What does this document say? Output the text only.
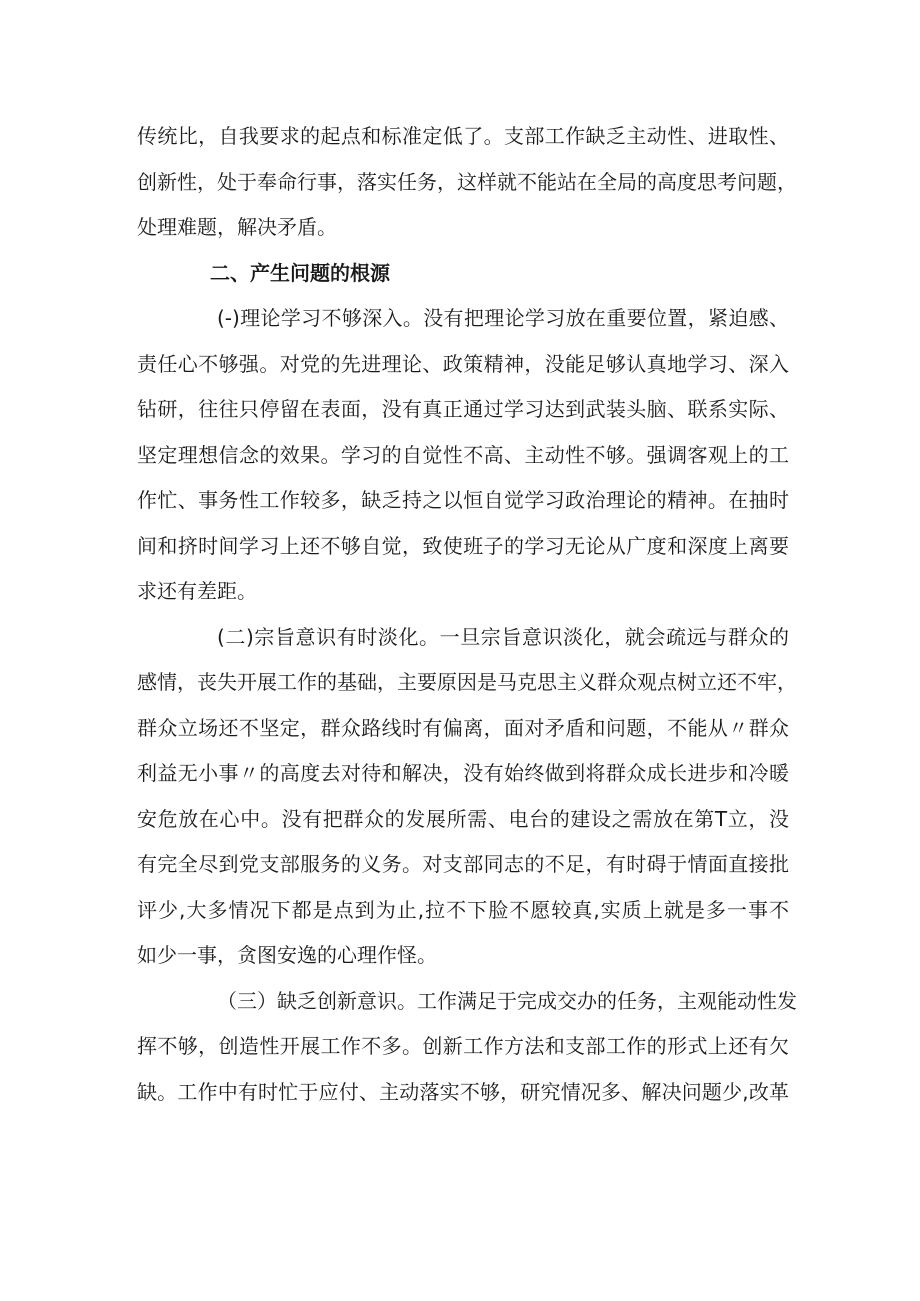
传统比，自我要求的起点和标准定低了。支部工作缺乏主动性、进取性、
创新性，处于奉命行事，落实任务，这样就不能站在全局的高度思考问题，
处理难题，解决矛盾。
二、产生问题的根源
(-)理论学习不够深入。没有把理论学习放在重要位置，紧迫感、
责任心不够强。对党的先进理论、政策精神，没能足够认真地学习、深入
钻研，往往只停留在表面，没有真正通过学习达到武装头脑、联系实际、
坚定理想信念的效果。学习的自觉性不高、主动性不够。强调客观上的工
作忙、事务性工作较多，缺乏持之以恒自觉学习政治理论的精神。在抽时
间和挤时间学习上还不够自觉，致使班子的学习无论从广度和深度上离要
求还有差距。
(二)宗旨意识有时淡化。一旦宗旨意识淡化，就会疏远与群众的
感情，丧失开展工作的基础，主要原因是马克思主义群众观点树立还不牢，
群众立场还不坚定，群众路线时有偏离，面对矛盾和问题，不能从〃群众
利益无小事〃的高度去对待和解决，没有始终做到将群众成长进步和冷暖
安危放在心中。没有把群众的发展所需、电台的建设之需放在第T立，没
有完全尽到党支部服务的义务。对支部同志的不足，有时碍于情面直接批
评少,大多情况下都是点到为止,拉不下脸不愿较真,实质上就是多一事不
如少一事，贪图安逸的心理作怪。
（三）缺乏创新意识。工作满足于完成交办的任务，主观能动性发
挥不够，创造性开展工作不多。创新工作方法和支部工作的形式上还有欠
缺。工作中有时忙于应付、主动落实不够，研究情况多、解决问题少,改革
